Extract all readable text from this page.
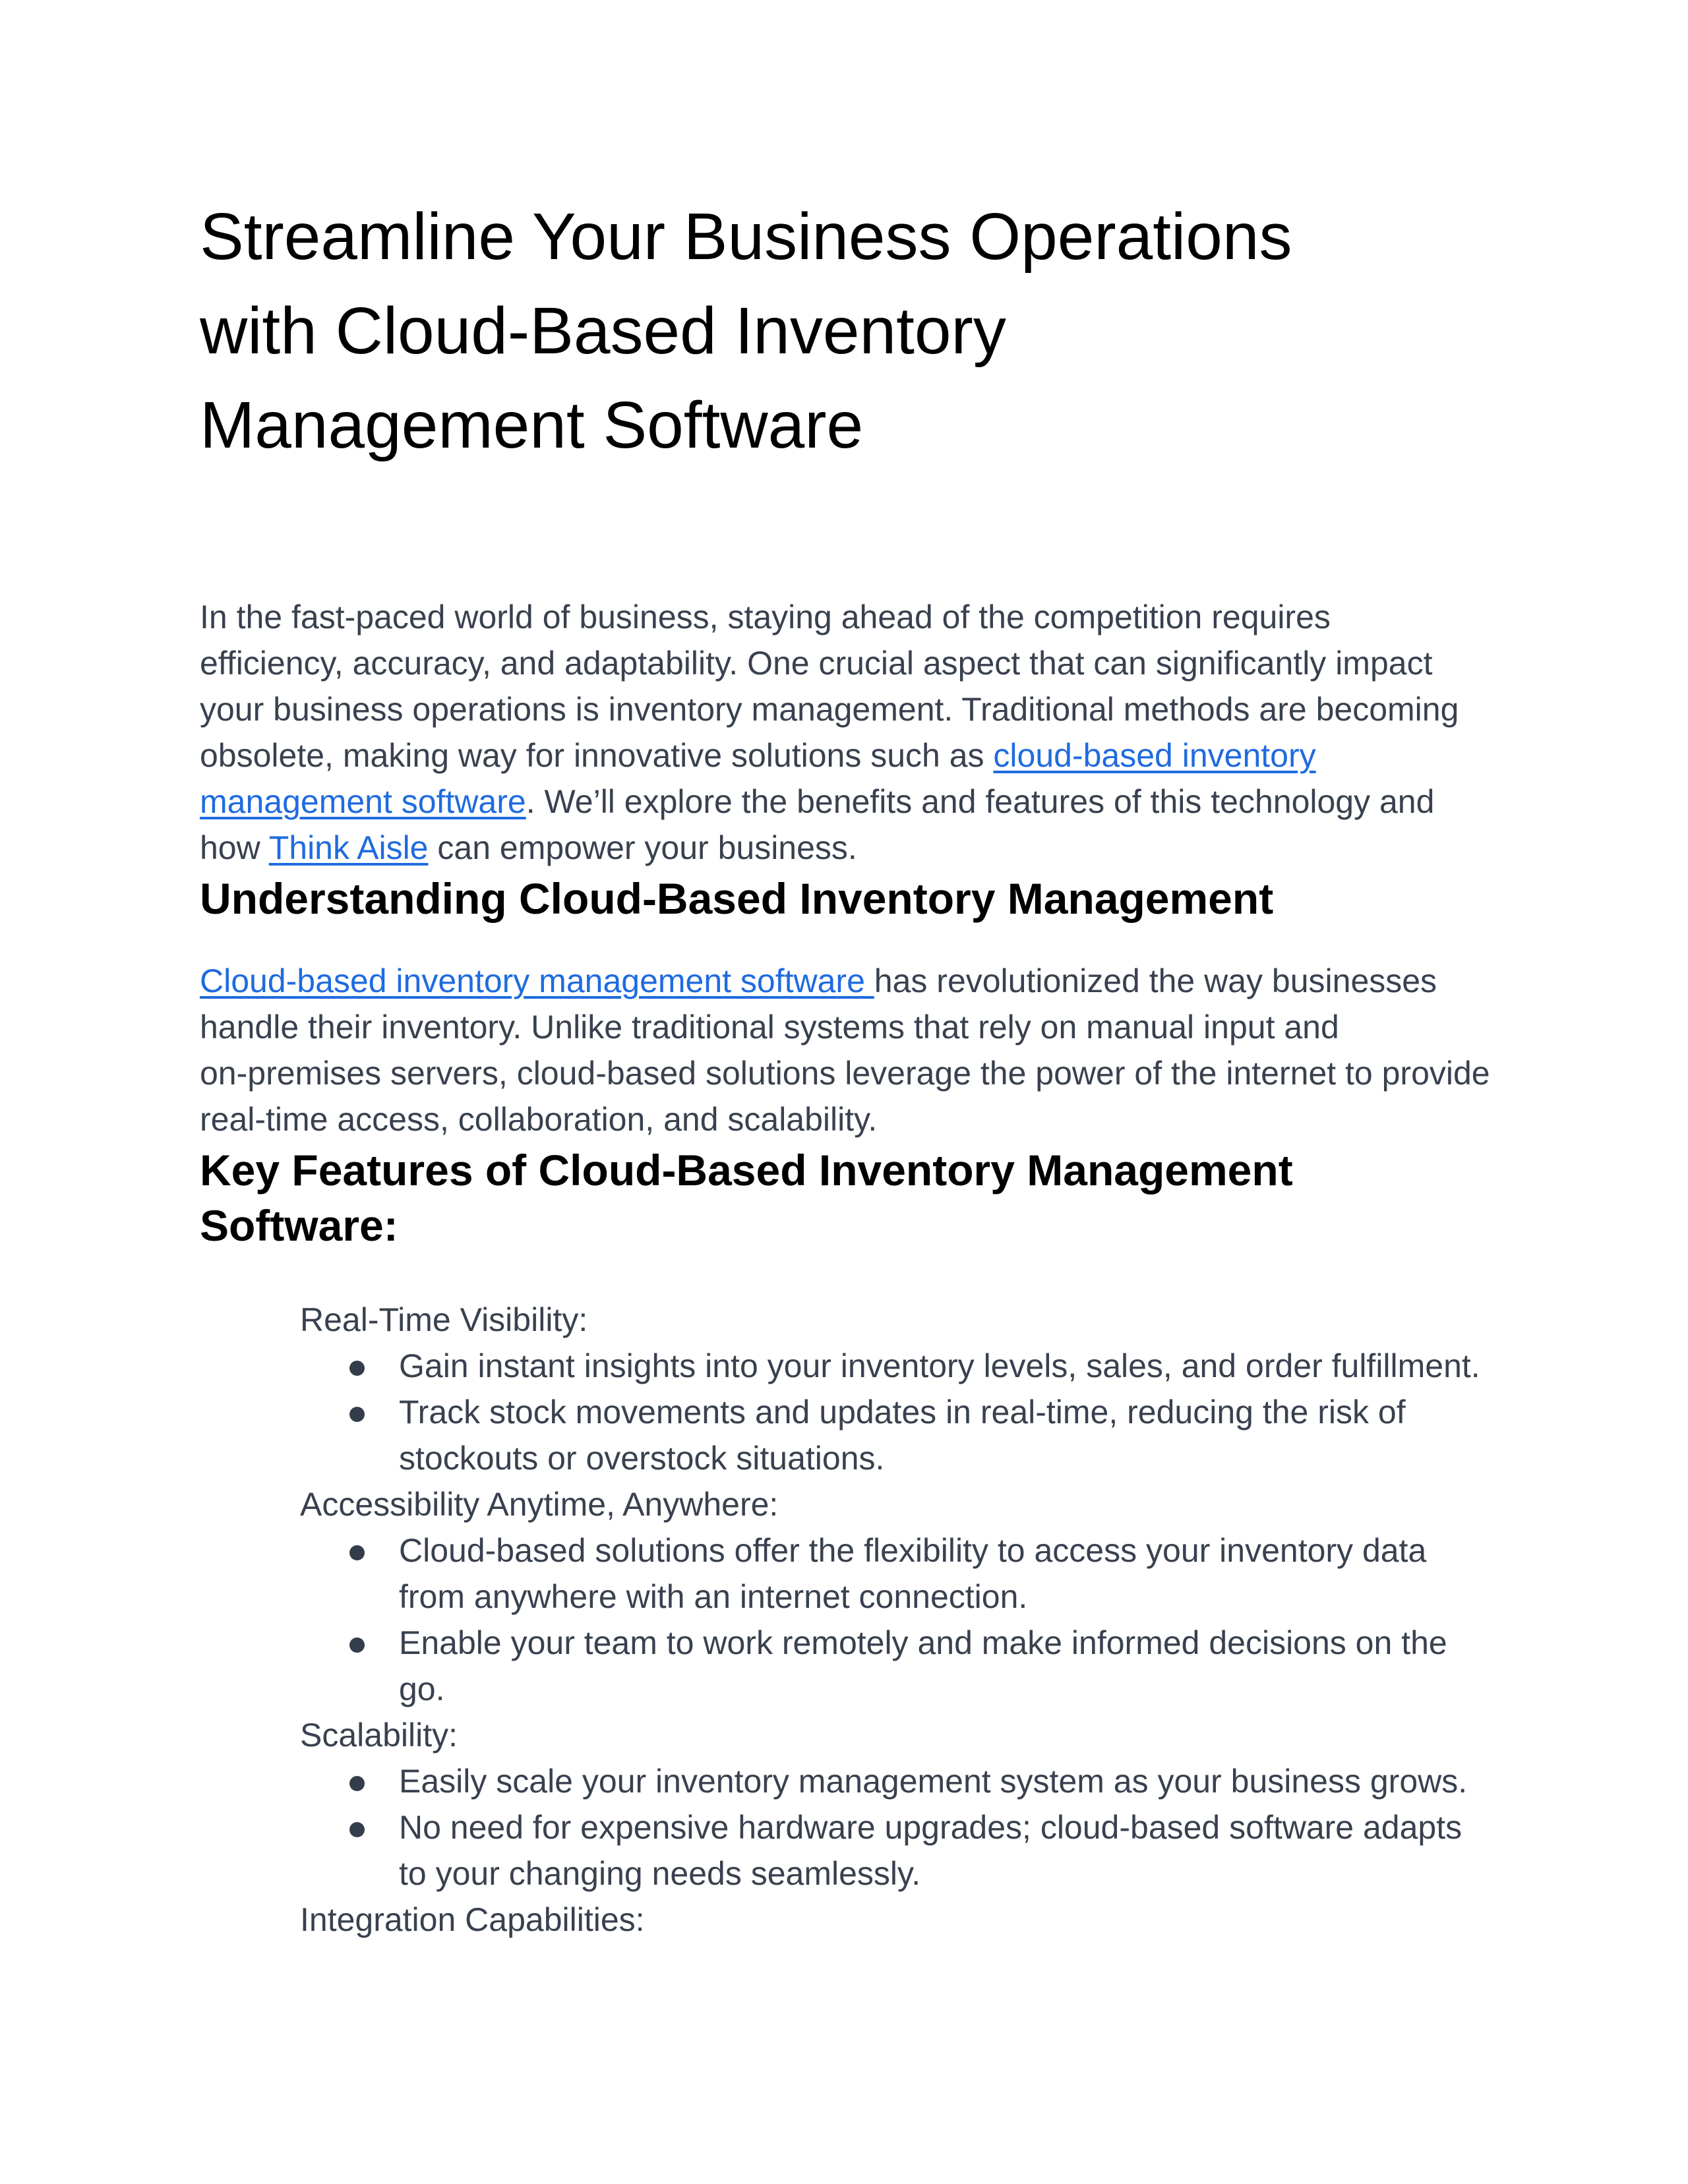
Streamline Your Business Operations
with Cloud-Based Inventory
Management Software
In the fast-paced world of business, staying ahead of the competition requires
efficiency, accuracy, and adaptability. One crucial aspect that can significantly impact
your business operations is inventory management. Traditional methods are becoming
obsolete, making way for innovative solutions such as cloud-based inventory
management software. We’ll explore the benefits and features of this technology and
how Think Aisle can empower your business.
Understanding Cloud-Based Inventory Management
Cloud-based inventory management software has revolutionized the way businesses
handle their inventory. Unlike traditional systems that rely on manual input and
on-premises servers, cloud-based solutions leverage the power of the internet to provide
real-time access, collaboration, and scalability.
Key Features of Cloud-Based Inventory Management Software:
Real-Time Visibility:
Gain instant insights into your inventory levels, sales, and order fulfillment.
Track stock movements and updates in real-time, reducing the risk of
stockouts or overstock situations.
Accessibility Anytime, Anywhere:
Cloud-based solutions offer the flexibility to access your inventory data
from anywhere with an internet connection.
Enable your team to work remotely and make informed decisions on the
go.
Scalability:
Easily scale your inventory management system as your business grows.
No need for expensive hardware upgrades; cloud-based software adapts
to your changing needs seamlessly.
Integration Capabilities:
